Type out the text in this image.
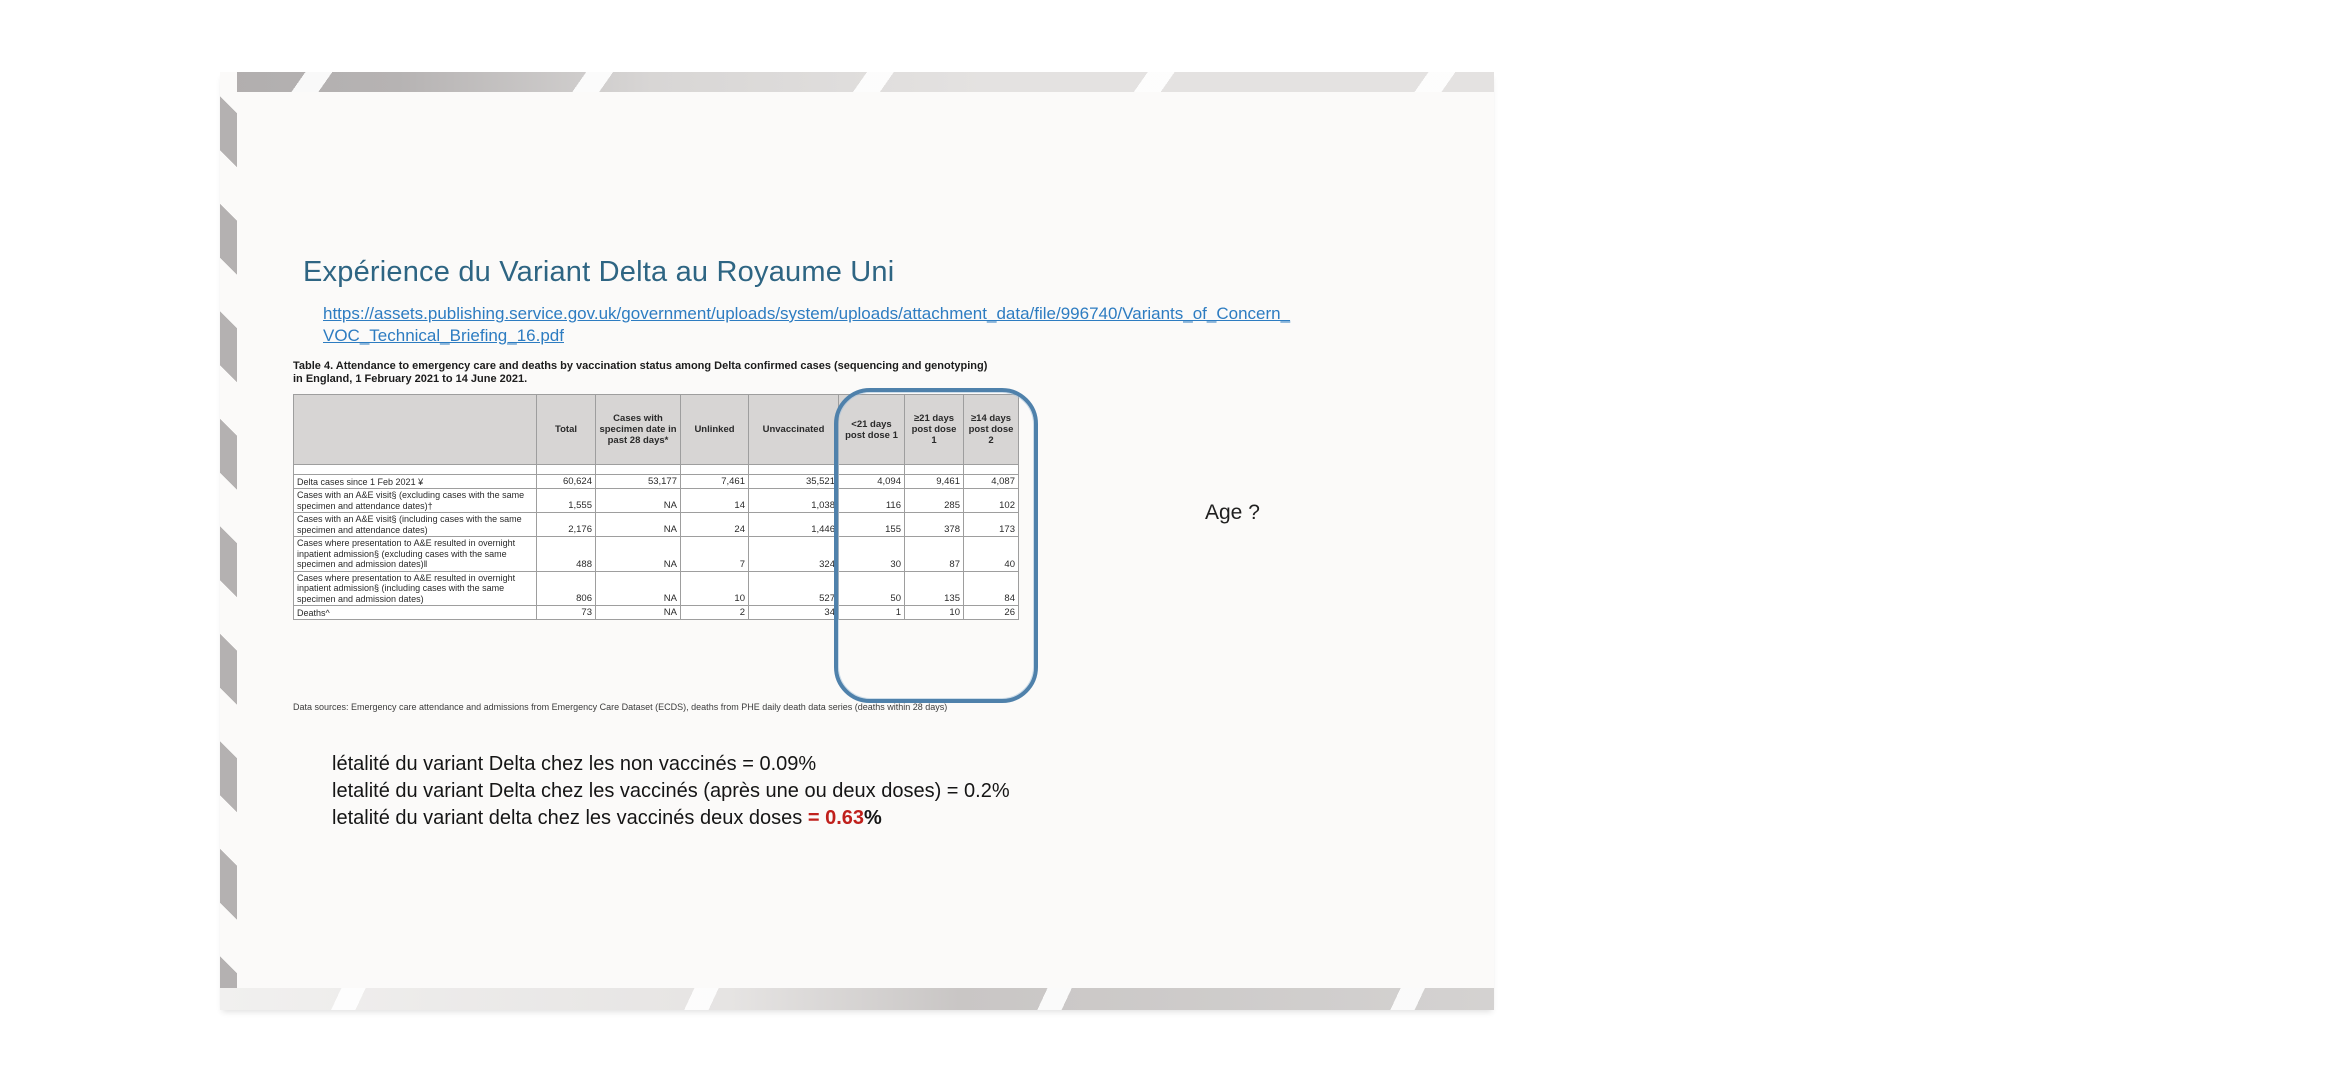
Expérience du Variant Delta au Royaume Uni
https://assets.publishing.service.gov.uk/government/uploads/system/uploads/attachment_data/file/996740/Variants_of_Concern_
VOC_Technical_Briefing_16.pdf
Table 4. Attendance to emergency care and deaths by vaccination status among Delta confirmed cases (sequencing and genotyping) in England, 1 February 2021 to 14 June 2021.
	Total	Cases with specimen date in past 28 days*	Unlinked	Unvaccinated	<21 days post dose 1	≥21 days post dose 1	≥14 days post dose 2

Delta cases since 1 Feb 2021 ¥	60,624	53,177	7,461	35,521	4,094	9,461	4,087
Cases with an A&E visit§ (excluding cases with the same specimen and attendance dates)†	1,555	NA	14	1,038	116	285	102
Cases with an A&E visit§ (including cases with the same specimen and attendance dates)	2,176	NA	24	1,446	155	378	173
Cases where presentation to A&E resulted in overnight inpatient admission§ (excluding cases with the same specimen and admission dates)‖	488	NA	7	324	30	87	40
Cases where presentation to A&E resulted in overnight inpatient admission§ (including cases with the same specimen and admission dates)	806	NA	10	527	50	135	84
Deaths^	73	NA	2	34	1	10	26
Data sources: Emergency care attendance and admissions from Emergency Care Dataset (ECDS), deaths from PHE daily death data series (deaths within 28 days)
Age ?
létalité du variant Delta chez les non vaccinés = 0.09%
letalité du variant Delta chez les vaccinés (après une ou deux doses) = 0.2%
letalité du variant delta chez les vaccinés deux doses = 0.63%
